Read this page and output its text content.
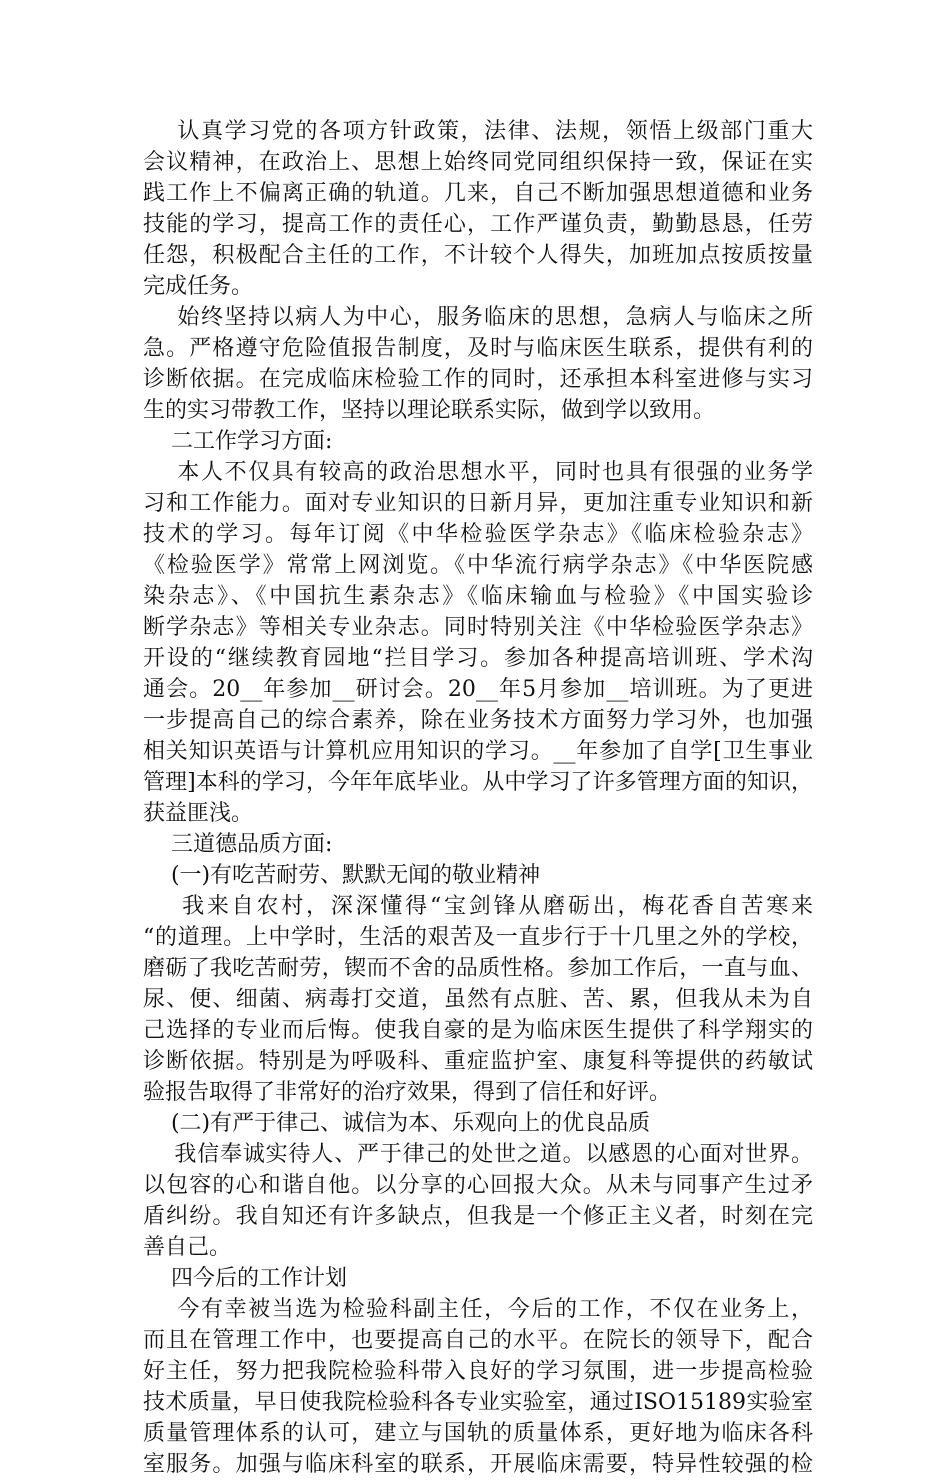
认真学习党的各项方针政策，法律、法规，领悟上级部门重大
会议精神，在政治上、思想上始终同党同组织保持一致，保证在实
践工作上不偏离正确的轨道。几来，自己不断加强思想道德和业务
技能的学习，提高工作的责任心，工作严谨负责，勤勤恳恳，任劳
任怨，积极配合主任的工作，不计较个人得失，加班加点按质按量
完成任务。
始终坚持以病人为中心，服务临床的思想，急病人与临床之所
急。严格遵守危险值报告制度，及时与临床医生联系，提供有利的
诊断依据。在完成临床检验工作的同时，还承担本科室进修与实习
生的实习带教工作，坚持以理论联系实际，做到学以致用。
二工作学习方面:
本人不仅具有较高的政治思想水平，同时也具有很强的业务学
习和工作能力。面对专业知识的日新月异，更加注重专业知识和新
技术的学习。每年订阅《中华检验医学杂志》《临床检验杂志》
《检验医学》常常上网浏览。《中华流行病学杂志》《中华医院感
染杂志》、《中国抗生素杂志》《临床输血与检验》《中国实验诊
断学杂志》等相关专业杂志。同时特别关注《中华检验医学杂志》
开设的“继续教育园地“拦目学习。参加各种提高培训班、学术沟
通会。20__年参加__研讨会。20__年5月参加__培训班。为了更进
一步提高自己的综合素养，除在业务技术方面努力学习外，也加强
相关知识英语与计算机应用知识的学习。__年参加了自学[卫生事业
管理]本科的学习，今年年底毕业。从中学习了许多管理方面的知识，
获益匪浅。
三道德品质方面:
(一)有吃苦耐劳、默默无闻的敬业精神
我来自农村，深深懂得“宝剑锋从磨砺出，梅花香自苦寒来
“的道理。上中学时，生活的艰苦及一直步行于十几里之外的学校，
磨砺了我吃苦耐劳，锲而不舍的品质性格。参加工作后，一直与血、
尿、便、细菌、病毒打交道，虽然有点脏、苦、累，但我从未为自
己选择的专业而后悔。使我自豪的是为临床医生提供了科学翔实的
诊断依据。特别是为呼吸科、重症监护室、康复科等提供的药敏试
验报告取得了非常好的治疗效果，得到了信任和好评。
(二)有严于律己、诚信为本、乐观向上的优良品质
我信奉诚实待人、严于律己的处世之道。以感恩的心面对世界。
以包容的心和谐自他。以分享的心回报大众。从未与同事产生过矛
盾纠纷。我自知还有许多缺点，但我是一个修正主义者，时刻在完
善自己。
四今后的工作计划
今有幸被当选为检验科副主任，今后的工作，不仅在业务上，
而且在管理工作中，也要提高自己的水平。在院长的领导下，配合
好主任，努力把我院检验科带入良好的学习氛围，进一步提高检验
技术质量，早日使我院检验科各专业实验室，通过ISO15189实验室
质量管理体系的认可，建立与国轨的质量体系，更好地为临床各科
室服务。加强与临床科室的联系，开展临床需要，特异性较强的检
